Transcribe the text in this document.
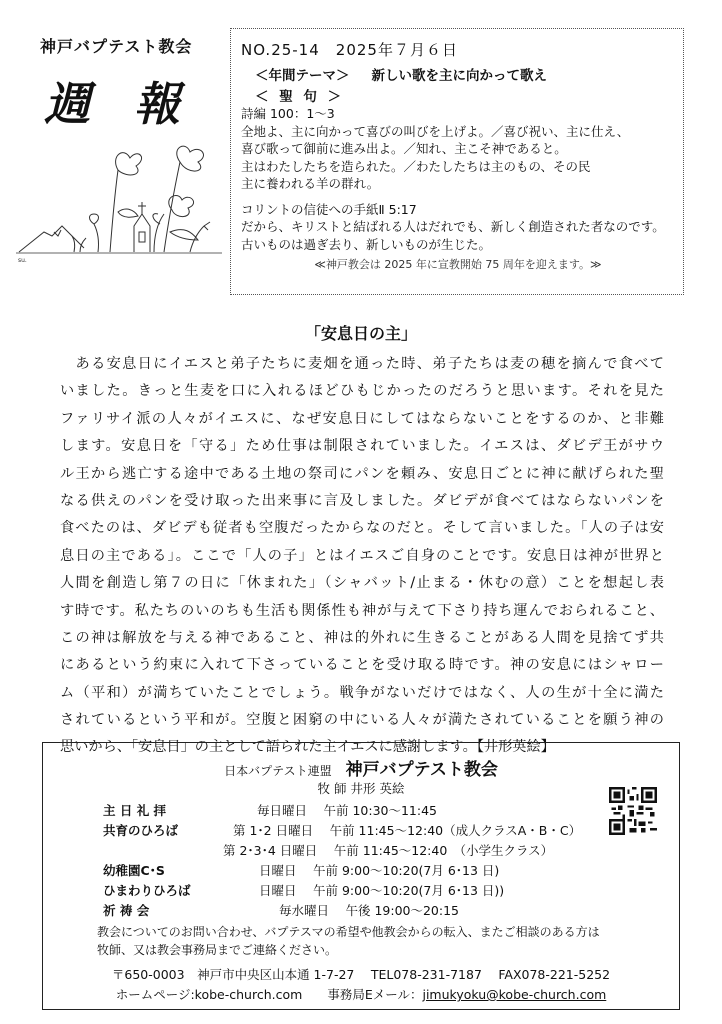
神戸バプテスト教会
週 報
su.
NO.25-14　2025年７月６日
＜年間テーマ＞ 新しい歌を主に向かって歌え
＜ 聖 句 ＞
詩編 100：1～3
全地よ、主に向かって喜びの叫びを上げよ。／喜び祝い、主に仕え、
喜び歌って御前に進み出よ。／知れ、主こそ神であると。
主はわたしたちを造られた。／わたしたちは主のもの、その民
主に養われる羊の群れ。
コリントの信徒への手紙Ⅱ 5:17
だから、キリストと結ばれる人はだれでも、新しく創造された者なのです。
古いものは過ぎ去り、新しいものが生じた。
≪神戸教会は 2025 年に宣教開始 75 周年を迎えます。≫
「安息日の主」
　ある安息日にイエスと弟子たちに麦畑を通った時、弟子たちは麦の穂を摘んで食べて
いました。きっと生麦を口に入れるほどひもじかったのだろうと思います。それを見た
ファリサイ派の人々がイエスに、なぜ安息日にしてはならないことをするのか、と非難
します。安息日を「守る」ため仕事は制限されていました。イエスは、ダビデ王がサウ
ル王から逃亡する途中である土地の祭司にパンを頼み、安息日ごとに神に献げられた聖
なる供えのパンを受け取った出来事に言及しました。ダビデが食べてはならないパンを
食べたのは、ダビデも従者も空腹だったからなのだと。そして言いました。「人の子は安
息日の主である」。ここで「人の子」とはイエスご自身のことです。安息日は神が世界と
人間を創造し第７の日に「休まれた」（シャバット/止まる・休むの意）ことを想起し表
す時です。私たちのいのちも生活も関係性も神が与えて下さり持ち運んでおられること、
この神は解放を与える神であること、神は的外れに生きることがある人間を見捨てず共
にあるという約束に入れて下さっていることを受け取る時です。神の安息にはシャロー
ム（平和）が満ちていたことでしょう。戦争がないだけではなく、人の生が十全に満た
されているという平和が。空腹と困窮の中にいる人々が満たされていることを願う神の
思いから、「安息日」の主として語られた主イエスに感謝します。【井形英絵】
日本バプテスト連盟 神戸バプテスト教会
牧 師 井形 英絵
主 日 礼 拝	毎日曜日　 午前 10:30～11:45
共育のひろば	第 1･2 日曜日　 午前 11:45～12:40（成人クラスA・B・C）
第 2･3･4 日曜日　 午前 11:45～12:40　（小学生クラス）
幼稚園C･S	日曜日　 午前 9:00～10:20(7月 6･13 日)
ひまわりひろば	日曜日　 午前 9:00～10:20(7月 6･13 日))
祈 祷 会	毎水曜日　 午後 19:00～20:15
教会についてのお問い合わせ、バプテスマの希望や他教会からの転入、またご相談のある方は
牧師、又は教会事務局までご連絡ください。
〒650-0003　神戸市中央区山本通 1-7-27　 TEL078-231-7187　 FAX078-221-5252
ホームページ:kobe-church.com　　 事務局Eメール：jimukyoku@kobe-church.com
